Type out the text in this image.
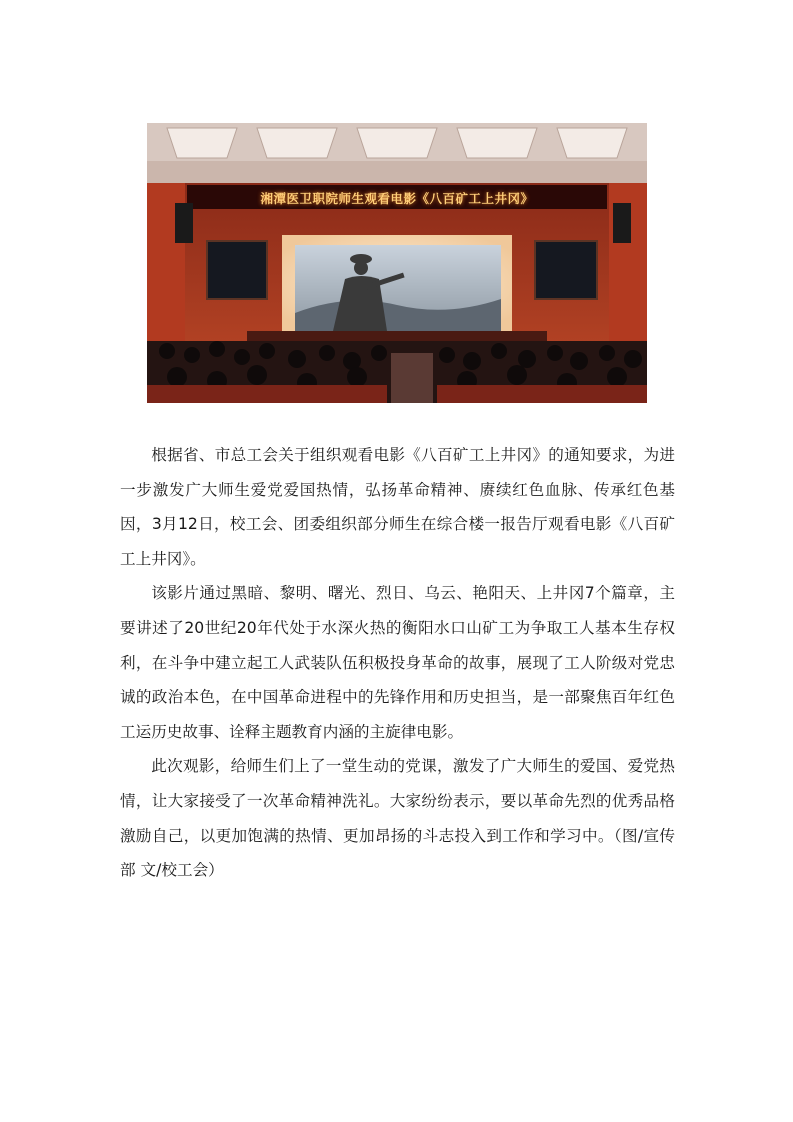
湘潭医卫职院师生观看电影《八百矿工上井冈》

根据省、市总工会关于组织观看电影《八百矿工上井冈》的通知要求，为进一步激发广大师生爱党爱国热情，弘扬革命精神、赓续红色血脉、传承红色基因，3月12日，校工会、团委组织部分师生在综合楼一报告厅观看电影《八百矿工上井冈》。

该影片通过黑暗、黎明、曙光、烈日、乌云、艳阳天、上井冈7个篇章，主要讲述了20世纪20年代处于水深火热的衡阳水口山矿工为争取工人基本生存权利，在斗争中建立起工人武装队伍积极投身革命的故事，展现了工人阶级对党忠诚的政治本色，在中国革命进程中的先锋作用和历史担当，是一部聚焦百年红色工运历史故事、诠释主题教育内涵的主旋律电影。

此次观影，给师生们上了一堂生动的党课，激发了广大师生的爱国、爱党热情，让大家接受了一次革命精神洗礼。大家纷纷表示，要以革命先烈的优秀品格激励自己，以更加饱满的热情、更加昂扬的斗志投入到工作和学习中。（图/宣传部 文/校工会）
